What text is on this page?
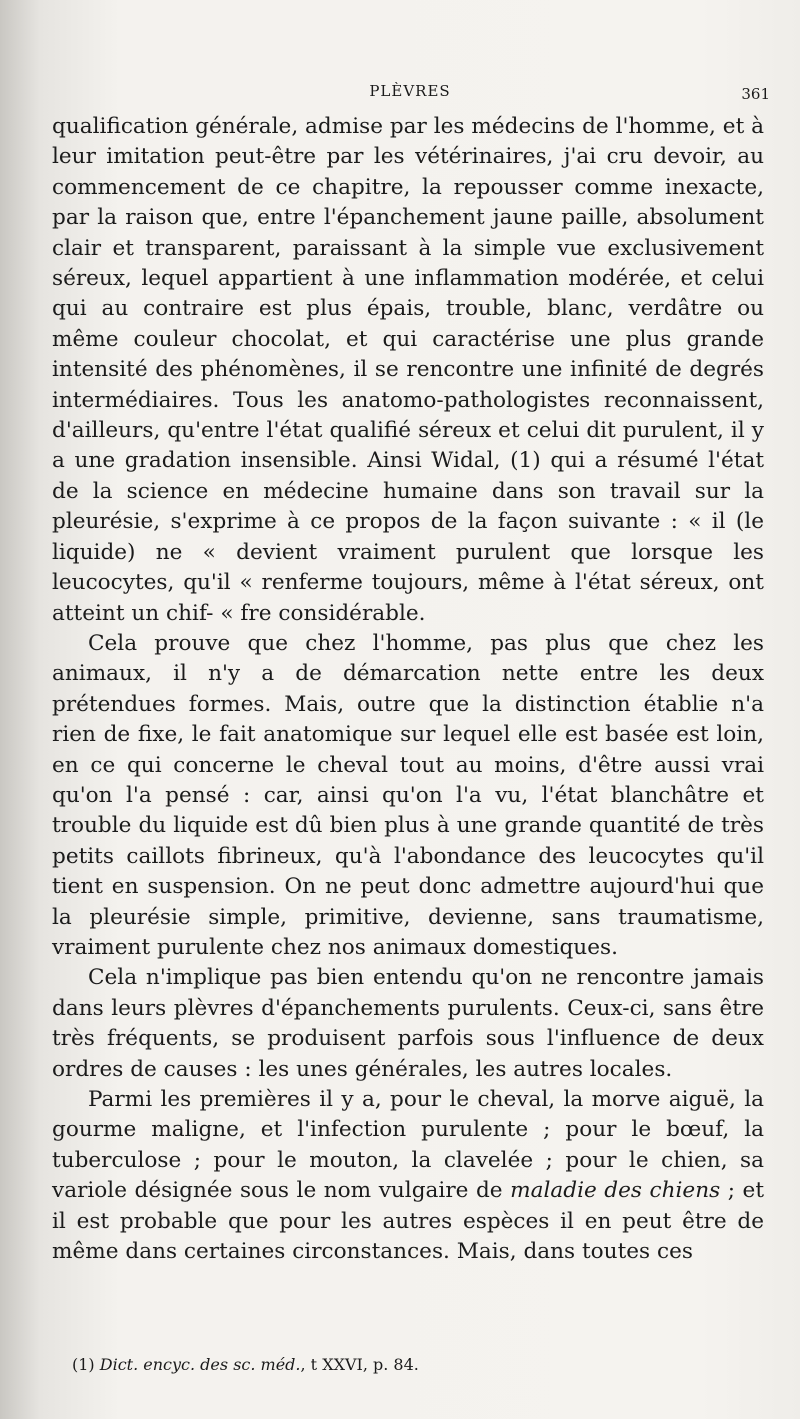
PLÈVRES	361

qualification générale, admise par les médecins de l'homme, et à leur imitation peut-être par les vétérinaires, j'ai cru devoir, au commencement de ce chapitre, la repousser comme inexacte, par la raison que, entre l'épanchement jaune paille, absolument clair et transparent, paraissant à la simple vue exclusivement séreux, lequel appartient à une inflammation modérée, et celui qui au contraire est plus épais, trouble, blanc, verdâtre ou même couleur chocolat, et qui caractérise une plus grande intensité des phénomènes, il se rencontre une infinité de degrés intermédiaires. Tous les anatomo-pathologistes reconnaissent, d'ailleurs, qu'entre l'état qualifié séreux et celui dit purulent, il y a une gradation insensible. Ainsi Widal, (1) qui a résumé l'état de la science en médecine humaine dans son travail sur la pleurésie, s'exprime à ce propos de la façon suivante : « il (le liquide) ne « devient vraiment purulent que lorsque les leucocytes, qu'il « renferme toujours, même à l'état séreux, ont atteint un chif- « fre considérable.

Cela prouve que chez l'homme, pas plus que chez les animaux, il n'y a de démarcation nette entre les deux prétendues formes. Mais, outre que la distinction établie n'a rien de fixe, le fait anatomique sur lequel elle est basée est loin, en ce qui concerne le cheval tout au moins, d'être aussi vrai qu'on l'a pensé : car, ainsi qu'on l'a vu, l'état blanchâtre et trouble du liquide est dû bien plus à une grande quantité de très petits caillots fibrineux, qu'à l'abondance des leucocytes qu'il tient en suspension. On ne peut donc admettre aujourd'hui que la pleurésie simple, primitive, devienne, sans traumatisme, vraiment purulente chez nos animaux domestiques.

Cela n'implique pas bien entendu qu'on ne rencontre jamais dans leurs plèvres d'épanchements purulents. Ceux-ci, sans être très fréquents, se produisent parfois sous l'influence de deux ordres de causes : les unes générales, les autres locales.

Parmi les premières il y a, pour le cheval, la morve aiguë, la gourme maligne, et l'infection purulente ; pour le bœuf, la tuberculose ; pour le mouton, la clavelée ; pour le chien, sa variole désignée sous le nom vulgaire de maladie des chiens ; et il est probable que pour les autres espèces il en peut être de même dans certaines circonstances. Mais, dans toutes ces

(1) Dict. encyc. des sc. méd., t XXVI, p. 84.
